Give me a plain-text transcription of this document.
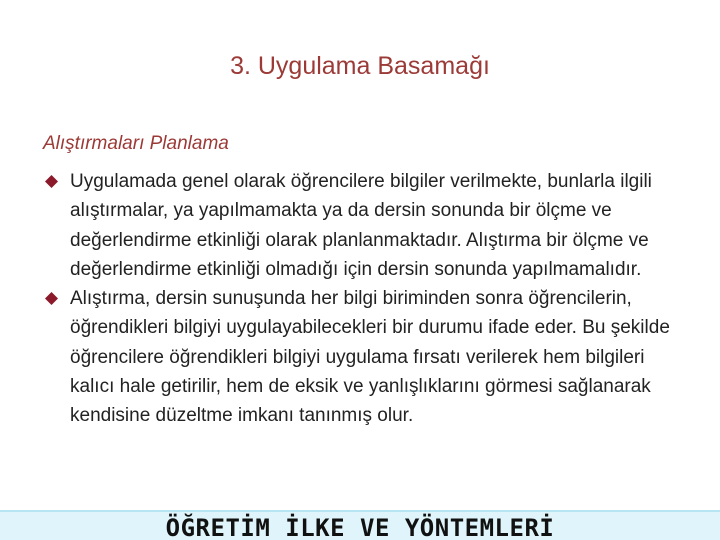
3. Uygulama Basamağı
Alıştırmaları Planlama
Uygulamada genel olarak öğrencilere bilgiler verilmekte, bunlarla ilgili alıştırmalar, ya yapılmamakta ya da dersin sonunda bir ölçme ve değerlendirme etkinliği olarak planlanmaktadır. Alıştırma bir ölçme ve değerlendirme etkinliği olmadığı için dersin sonunda yapılmamalıdır.
Alıştırma, dersin sunuşunda her bilgi biriminden sonra öğrencilerin, öğrendikleri bilgiyi uygulayabilecekleri bir durumu ifade eder. Bu şekilde öğrencilere öğrendikleri bilgiyi uygulama fırsatı verilerek hem bilgileri kalıcı hale getirilir, hem de eksik ve yanlışlıklarını görmesi sağlanarak kendisine düzeltme imkanı tanınmış olur.
ÖĞRETİM İLKE VE YÖNTEMLERİ
